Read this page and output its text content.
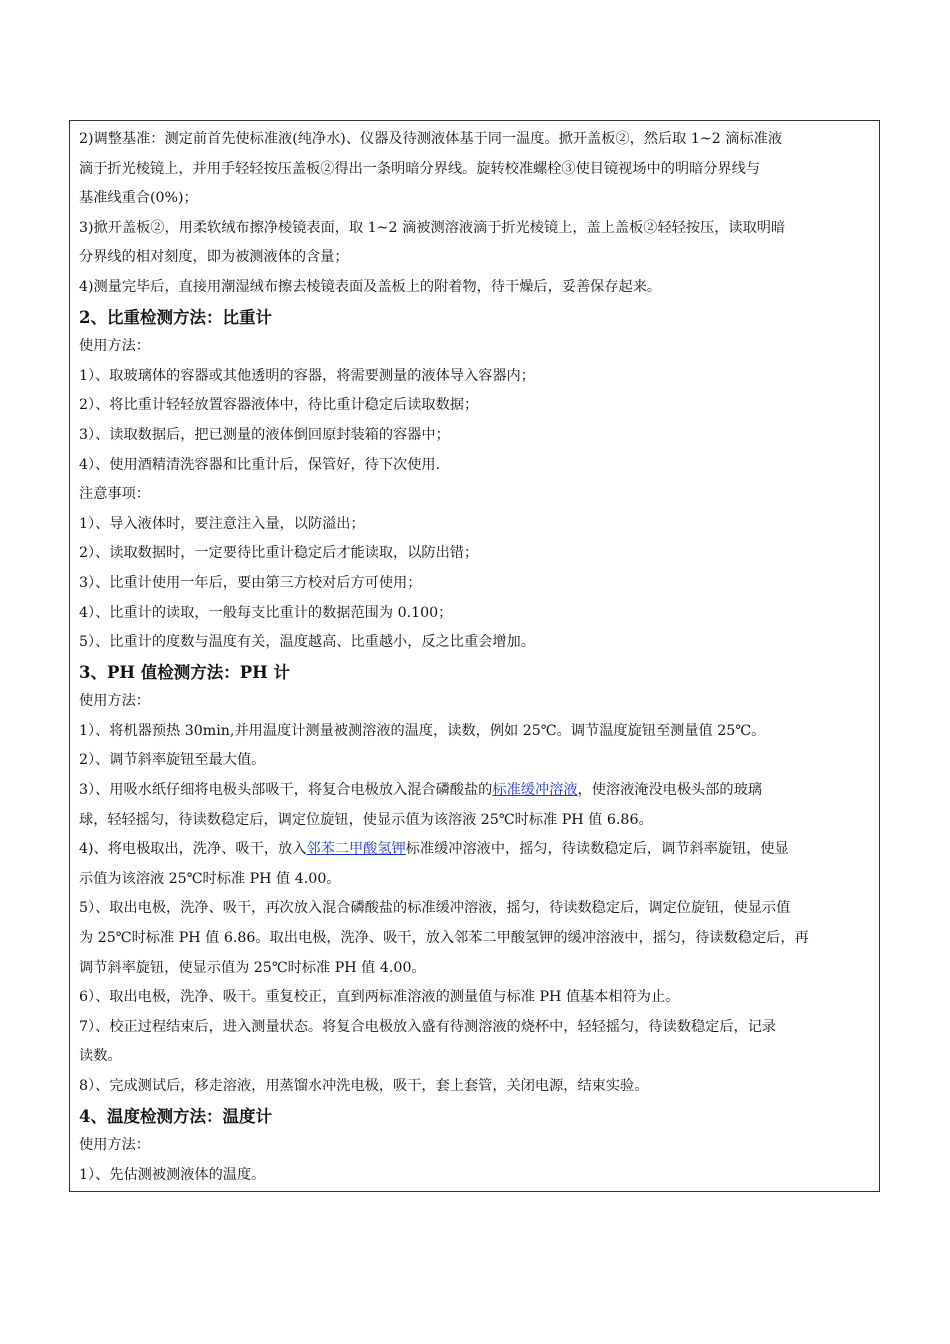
2)调整基准：测定前首先使标准液(纯净水)、仪器及待测液体基于同一温度。掀开盖板②，然后取 1~2 滴标准液
滴于折光棱镜上，并用手轻轻按压盖板②得出一条明暗分界线。旋转校准螺栓③使目镜视场中的明暗分界线与
基准线重合(0%)；
3)掀开盖板②，用柔软绒布擦净棱镜表面，取 1~2 滴被测溶液滴于折光棱镜上，盖上盖板②轻轻按压，读取明暗
分界线的相对刻度，即为被测液体的含量；
4)测量完毕后，直接用潮湿绒布擦去棱镜表面及盖板上的附着物，待干燥后，妥善保存起来。
2、比重检测方法：比重计
使用方法：
1）、取玻璃体的容器或其他透明的容器，将需要测量的液体导入容器内；
2）、将比重计轻轻放置容器液体中，待比重计稳定后读取数据；
3）、读取数据后，把已测量的液体倒回原封装箱的容器中；
4）、使用酒精清洗容器和比重计后，保管好，待下次使用.
注意事项：
1）、导入液体时，要注意注入量，以防溢出；
2）、读取数据时，一定要待比重计稳定后才能读取，以防出错；
3）、比重计使用一年后，要由第三方校对后方可使用；
4）、比重计的读取，一般每支比重计的数据范围为 0.100；
5）、比重计的度数与温度有关，温度越高、比重越小，反之比重会增加。
3、PH 值检测方法：PH 计
使用方法：
1）、将机器预热 30min,并用温度计测量被测溶液的温度，读数，例如 25℃。调节温度旋钮至测量值 25℃。
2）、调节斜率旋钮至最大值。
3）、用吸水纸仔细将电极头部吸干，将复合电极放入混合磷酸盐的标准缓冲溶液，使溶液淹没电极头部的玻璃
球，轻轻摇匀，待读数稳定后，调定位旋钮，使显示值为该溶液 25℃时标准 PH 值 6.86。
4)、将电极取出，洗净、吸干，放入邻苯二甲酸氢钾标准缓冲溶液中，摇匀，待读数稳定后，调节斜率旋钮，使显
示值为该溶液 25℃时标准 PH 值 4.00。
5）、取出电极，洗净、吸干，再次放入混合磷酸盐的标准缓冲溶液，摇匀，待读数稳定后，调定位旋钮，使显示值
为 25℃时标准 PH 值 6.86。取出电极，洗净、吸干，放入邻苯二甲酸氢钾的缓冲溶液中，摇匀，待读数稳定后，再
调节斜率旋钮，使显示值为 25℃时标准 PH 值 4.00。
6）、取出电极，洗净、吸干。重复校正，直到两标准溶液的测量值与标准 PH 值基本相符为止。
7）、校正过程结束后，进入测量状态。将复合电极放入盛有待测溶液的烧杯中，轻轻摇匀，待读数稳定后，记录
读数。
8）、完成测试后，移走溶液，用蒸馏水冲洗电极，吸干，套上套管，关闭电源，结束实验。
4、温度检测方法：温度计
使用方法：
1）、先估测被测液体的温度。
